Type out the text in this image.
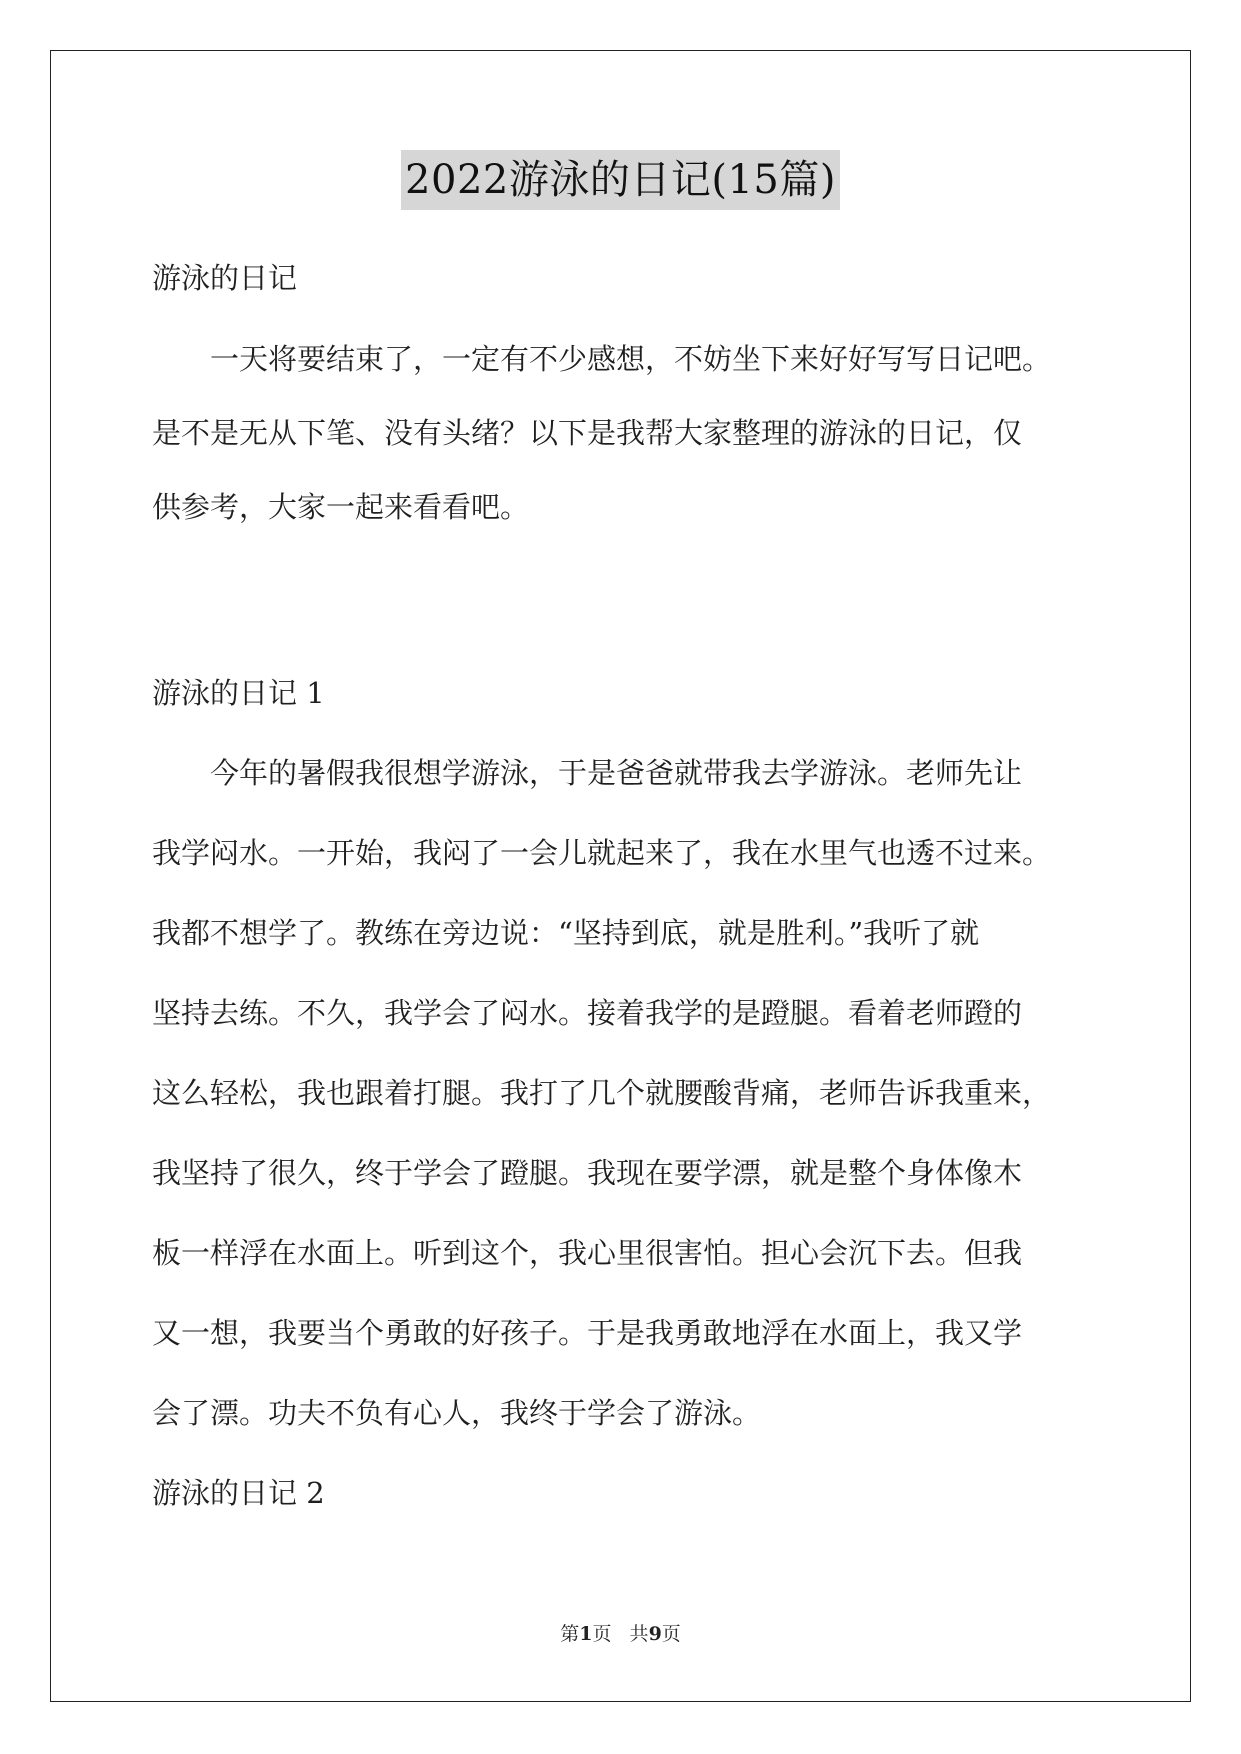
2022游泳的日记(15篇)
游泳的日记
一天将要结束了，一定有不少感想，不妨坐下来好好写写日记吧。
是不是无从下笔、没有头绪？以下是我帮大家整理的游泳的日记，仅
供参考，大家一起来看看吧。
游泳的日记 1
今年的暑假我很想学游泳，于是爸爸就带我去学游泳。老师先让
我学闷水。一开始，我闷了一会儿就起来了，我在水里气也透不过来。
我都不想学了。教练在旁边说：“坚持到底，就是胜利。”我听了就
坚持去练。不久，我学会了闷水。接着我学的是蹬腿。看着老师蹬的
这么轻松，我也跟着打腿。我打了几个就腰酸背痛，老师告诉我重来，
我坚持了很久，终于学会了蹬腿。我现在要学漂，就是整个身体像木
板一样浮在水面上。听到这个，我心里很害怕。担心会沉下去。但我
又一想，我要当个勇敢的好孩子。于是我勇敢地浮在水面上，我又学
会了漂。功夫不负有心人，我终于学会了游泳。
游泳的日记 2
第1页   共9页
